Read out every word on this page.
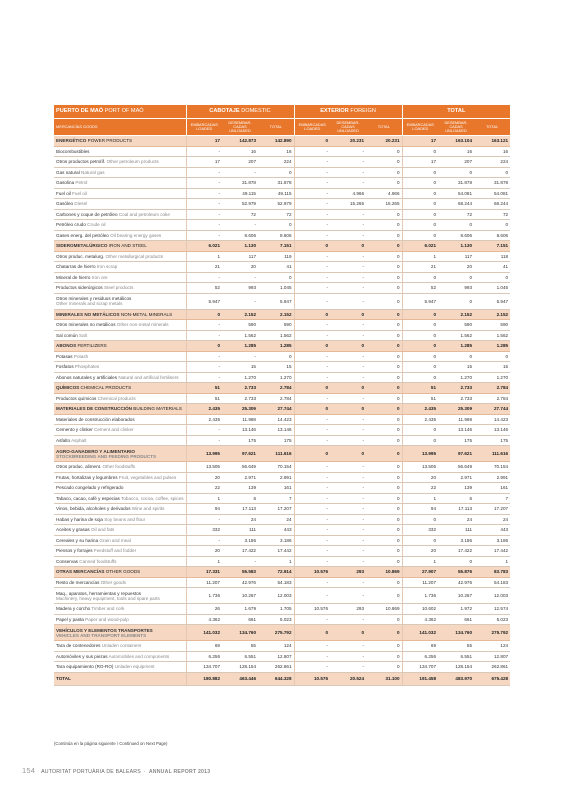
PUERTO DE MAÓ PORT OF MAÓ	CABOTAJE DOMESTIC			EXTERIOR FOREIGN			TOTAL		
MERCANCÍAS GOODS	EMBARCADAS LOADED	DESEMBAR-CADAS UNLOADED	TOTAL	EMBARCADAS LOADED	DESEMBAR-CADAS UNLOADED	TOTAL	EMBARCADAS LOADED	DESEMBAR-CADAS UNLOADED	TOTAL
ENERGÉTICO POWER PRODUCTS	17	142.873	142.890	0	20.231	20.231	17	163.104	163.121
Biocombustibles	-	16	16	-	-	0	0	16	16
Otros productos petrolíf. Other petroleum products	17	207	224	-	-	0	17	207	224
Gas natural Natural gas	-	-	0	-	-	0	0	0	0
Gasolina Petrol	-	31.878	31.878	-	-	0	0	31.878	31.878
Fuel oil Fuel oil	-	49.115	49.115	-	4.966	4.966	0	54.081	54.081
Gasóleo Diesel	-	52.979	52.979	-	15.265	15.265	0	68.244	68.244
Carbones y coque de petróleo Coal and petroleum coke	-	72	72	-	-	0	0	72	72
Petróleo crudo Crude oil	-	-	0	-	-	0	0	0	0
Gases energ. del petróleo Oil bearing energy gases	-	8.606	8.606	-	-	0	0	8.606	8.606
SIDEROMETALÚRGICO IRON AND STEEL	6.021	1.130	7.151	0	0	0	6.021	1.130	7.151
Otros produc. metalurg. Other metallurgical products	1	117	119	-	-	0	1	117	118
Chatarras de hierro Iron scrap	21	20	41	-	-	0	21	20	41
Mineral de hierro Iron ore	-	-	0	-	-	0	0	0	0
Productos siderúrgicos Steel products	52	993	1.045	-	-	0	52	993	1.045
Otros minerales y residuos metálicos
Other minerals and scrap metals	5.947	-	5.947	-	-	0	5.947	0	5.947
MINERALES NO METÁLICOS NON-METAL MINERALS	0	2.152	2.152	0	0	0	0	2.152	2.152
Otros minerales no metálicos Other non-metal minerals	-	590	590	-	-	0	0	590	590
Sal común Salt	-	1.562	1.562	-	-	0	0	1.562	1.562
ABONOS FERTILIZERS	0	1.285	1.285	0	0	0	0	1.285	1.285
Potasas Potash	-	-	0	-	-	0	0	0	0
Fosfatos Phosphates	-	15	15	-	-	0	0	15	15
Abonos naturales y artificiales Natural and artificial fertilisers	-	1.270	1.270	-	-	0	0	1.270	1.270
QUÍMICOS CHEMICAL PRODUCTS	51	2.733	2.784	0	0	0	51	2.733	2.784
Productos químicos Chemical products	51	2.733	2.784	-	-	0	51	2.733	2.784
MATERIALES DE CONSTRUCCIÓN BUILDING MATERIALS	2.435	25.309	27.744	0	0	0	2.435	25.309	27.744
Materiales de construcción elaborados	2.435	11.988	14.423	-	-	0	2.435	11.988	14.423
Cemento y clinker Cement and clinker	-	13.146	13.146	-	-	0	0	13.146	13.146
Asfalto Asphalt	-	175	175	-	-	0	0	175	175
AGRO-GANADERO Y ALIMENTARIO
STOCKBREEDING AND FEEDING PRODUCTS	13.995	97.621	111.616	0	0	0	13.995	97.621	111.616
Otros produc. aliment. Other foodstuffs	13.505	56.649	70.154	-	-	0	13.505	56.649	70.154
Frutas, hortalizas y legumbres Fruit, vegetables and pulses	20	2.971	2.991	-	-	0	20	2.971	2.991
Pescado congelado y refrigerado	22	139	161	-	-	0	22	139	161
Tabaco, cacao, café y especias Tobacco, cocoa, coffee, spices	1	6	7	-	-	0	1	6	7
Vinos, bebida, alcoholes y derivados Wine and spirits	94	17.113	17.207	-	-	0	94	17.113	17.207
Habas y harina de soja Soy beans and flour	-	24	24	-	-	0	0	24	24
Aceites y grasas Oil and fats	332	111	443	-	-	0	332	111	443
Cereales y su harina Grain and meal	-	3.186	3.186	-	-	0	0	3.186	3.186
Piensos y forrajes Feedstuff and fodder	20	17.422	17.442	-	-	0	20	17.422	17.442
Conservas Canned foodstuffs	1	-	1	-	-	0	1	0	1
OTRAS MERCANCÍAS OTHER GOODS	17.331	55.583	72.914	10.576	293	10.869	27.907	55.876	83.783
Resto de mercancías Other goods	11.207	42.976	54.183	-	-	0	11.207	42.976	54.183
Maq., aparatos, herramientas y repuestos
Machinery, heavy equipment, tools and spare parts	1.736	10.267	12.003	-	-	0	1.736	10.267	12.003
Madera y corcho Timber and cork	26	1.679	1.705	10.576	293	10.869	10.602	1.972	12.574
Papel y pasta Paper and wood-pulp	4.362	661	5.023	-	-	0	4.362	661	5.023
VEHÍCULOS Y ELEMENTOS TRANSPORTES
VEHICLES AND TRANSPORT ELEMENTS	141.032	134.760	275.792	0	0	0	141.032	134.760	275.792
Tara de contenedores Unladen containers	69	55	124	-	-	0	69	55	124
Automóviles y sus piezas Automobiles and components	6.256	6.551	12.807	-	-	0	6.256	6.551	12.807
Tara equipamiento (RO-RO) Unladen equipment	134.707	128.154	262.861	-	-	0	134.707	128.154	262.861
TOTAL	180.882	463.446	644.328	10.576	20.524	31.100	191.458	483.970	675.428
(Continúa en la página siguiente / Continued on Next Page)
154 AUTORITAT PORTUÀRIA DE BALEARS · ANNUAL REPORT 2013
